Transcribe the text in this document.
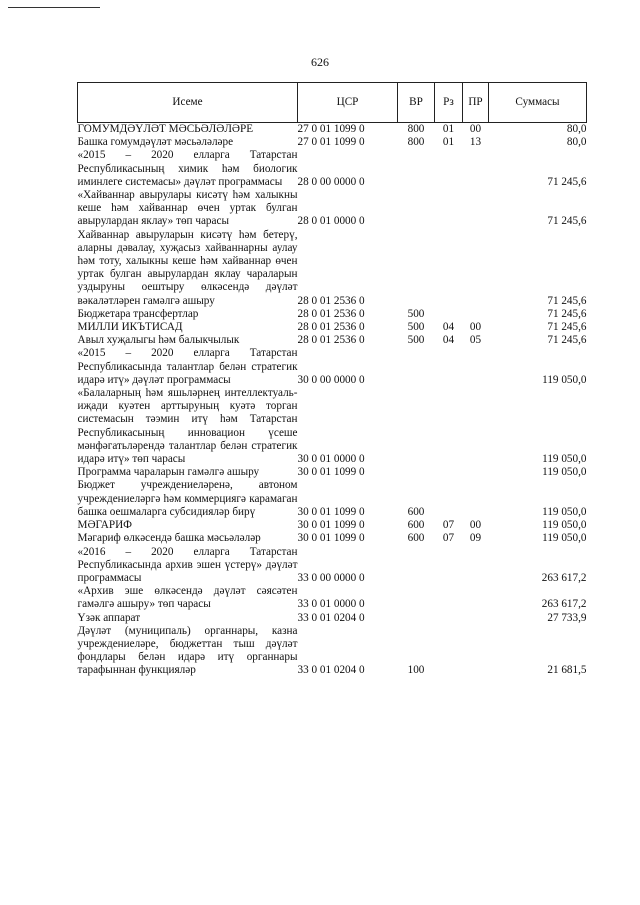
626
Исеме	ЦСР	ВР	Рз	ПР	Суммасы
ГОМУМДӘҮЛӘТ МӘСЬӘЛӘЛӘРЕ	27 0 01 1099 0	800	01	00	80,0
Башка гомумдәүләт мәсьәләләре	27 0 01 1099 0	800	01	13	80,0
«2015 – 2020 елларга Татарстан Республикасының химик һәм биологик иминлеге системасы» дәүләт программасы	28 0 00 0000 0				71 245,6
«Хайваннар авырулары кисәтү һәм халыкны кеше һәм хайваннар өчен уртак булган авырулардан яклау» төп чарасы	28 0 01 0000 0				71 245,6
Хайваннар авыруларын кисәтү һәм бетерү, аларны дәвалау, хуҗасыз хайваннарны аулау һәм тоту, халыкны кеше һәм хайваннар өчен уртак булган авырулардан яклау чараларын уздыруны оештыру өлкәсендә дәүләт вәкаләтләрен гамәлгә ашыру	28 0 01 2536 0				71 245,6
Бюджетара трансфертлар	28 0 01 2536 0	500			71 245,6
МИЛЛИ ИКЪТИСАД	28 0 01 2536 0	500	04	00	71 245,6
Авыл хуҗалыгы һәм балыкчылык	28 0 01 2536 0	500	04	05	71 245,6
«2015 – 2020 елларга Татарстан Республикасында талантлар белән стратегик идарә итү» дәүләт программасы	30 0 00 0000 0				119 050,0
«Балаларның һәм яшьләрнең интеллектуаль-иҗади куәтен арттыруның куәтә торган системасын тәэмин итү һәм Татарстан Республикасының инновацион үсеше мәнфәгатьләрендә талантлар белән стратегик идарә итү» төп чарасы	30 0 01 0000 0				119 050,0
Программа чараларын гамәлгә ашыру	30 0 01 1099 0				119 050,0
Бюджет учреждениеләренә, автоном учреждениеләргә һәм коммерциягә карамаган башка оешмаларга субсидияләр бирү	30 0 01 1099 0	600			119 050,0
МӘГАРИФ	30 0 01 1099 0	600	07	00	119 050,0
Мәгариф өлкәсендә башка мәсьәләләр	30 0 01 1099 0	600	07	09	119 050,0
«2016 – 2020 елларга Татарстан Республикасында архив эшен үстерү» дәүләт программасы	33 0 00 0000 0				263 617,2
«Архив эше өлкәсендә дәүләт сәясәтен гамәлгә ашыру» төп чарасы	33 0 01 0000 0				263 617,2
Үзәк аппарат	33 0 01 0204 0				27 733,9
Дәүләт (муниципаль) органнары, казна учреждениеләре, бюджеттан тыш дәүләт фондлары белән идарә итү органнары тарафыннан функцияләр	33 0 01 0204 0	100			21 681,5
